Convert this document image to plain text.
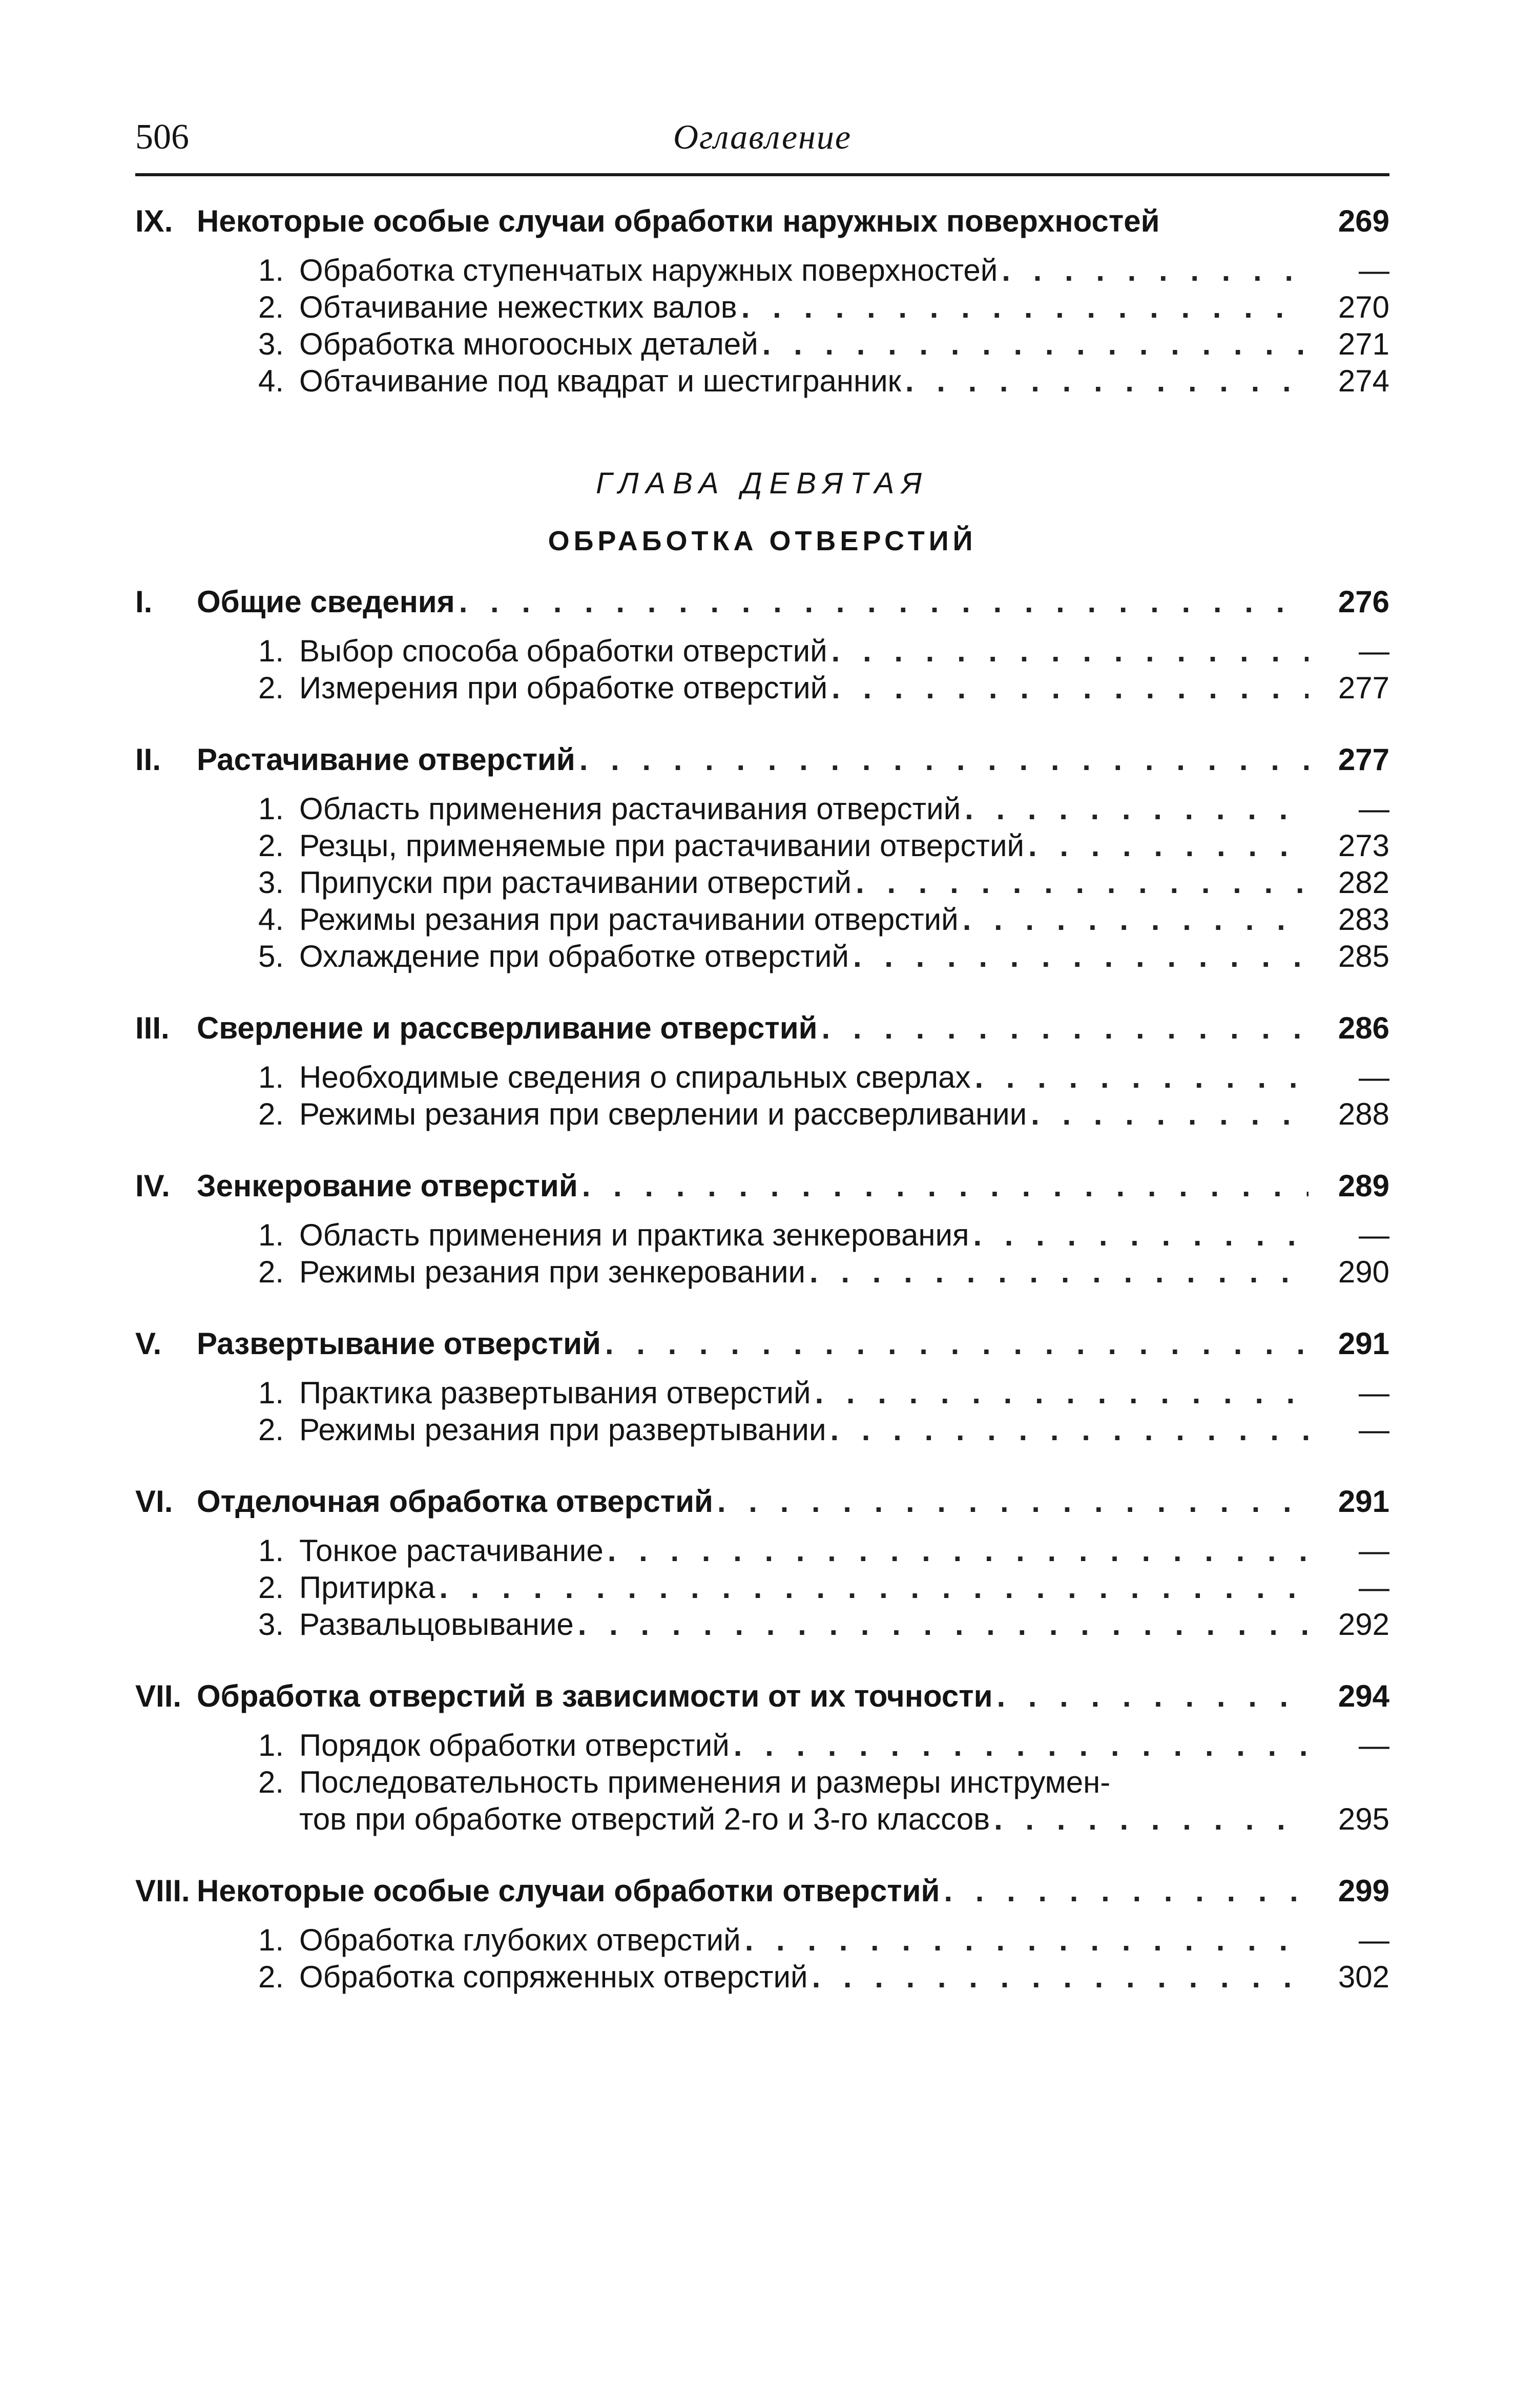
506	Оглавление
IX. Некоторые особые случаи обработки наружных поверхностей	269
1. Обработка ступенчатых наружных поверхностей . . .	—
2. Обтачивание нежестких валов . . .	270
3. Обработка многоосных деталей . . .	271
4. Обтачивание под квадрат и шестигранник . . .	274
ГЛАВА ДЕВЯТАЯ
ОБРАБОТКА ОТВЕРСТИЙ
I.	Общие сведения . . .	276
1. Выбор способа обработки отверстий . . .	—
2. Измерения при обработке отверстий . . .	277
II.	Растачивание отверстий . . .	277
1. Область применения растачивания отверстий . . .	—
2. Резцы, применяемые при растачивании отверстий . . .	273
3. Припуски при растачивании отверстий . . .	282
4. Режимы резания при растачивании отверстий . . .	283
5. Охлаждение при обработке отверстий . . .	285
III. Сверление и рассверливание отверстий . . .	286
1. Необходимые сведения о спиральных сверлах . . .	—
2. Режимы резания при сверлении и рассверливании . . .	288
IV. Зенкерование отверстий . . .	289
1. Область применения и практика зенкерования . . .	—
2. Режимы резания при зенкеровании . . .	290
V.	Развертывание отверстий . . .	291
1. Практика развертывания отверстий . . .	—
2. Режимы резания при развертывании . . .	—
VI. Отделочная обработка отверстий . . .	291
1. Тонкое растачивание . . .	—
2. Притирка . . .	—
3. Развальцовывание . . .	292
VII. Обработка отверстий в зависимости от их точности . . .	294
1. Порядок обработки отверстий . . .	—
2. Последовательность применения и размеры инструмен-
тов при обработке отверстий 2-го и 3-го классов . . .	295
VIII. Некоторые особые случаи обработки отверстий . . .	299
1. Обработка глубоких отверстий . . .	—
2. Обработка сопряженных отверстий . . .	302
